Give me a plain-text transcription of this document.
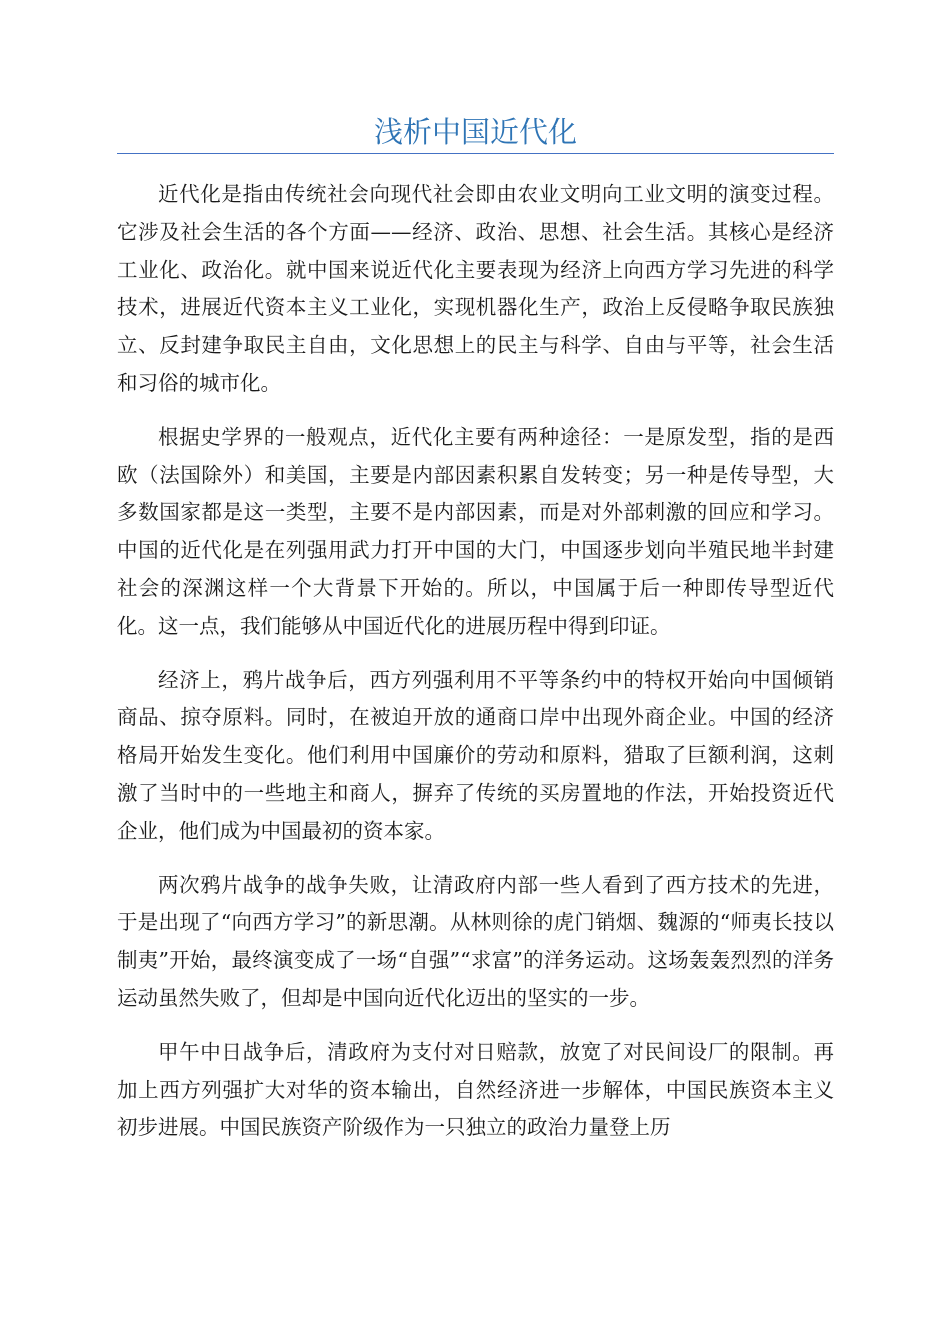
浅析中国近代化

近代化是指由传统社会向现代社会即由农业文明向工业文明的演变过程。它涉及社会生活的各个方面——经济、政治、思想、社会生活。其核心是经济工业化、政治化。就中国来说近代化主要表现为经济上向西方学习先进的科学技术，进展近代资本主义工业化，实现机器化生产，政治上反侵略争取民族独立、反封建争取民主自由，文化思想上的民主与科学、自由与平等，社会生活和习俗的城市化。

根据史学界的一般观点，近代化主要有两种途径：一是原发型，指的是西欧（法国除外）和美国，主要是内部因素积累自发转变；另一种是传导型，大多数国家都是这一类型，主要不是内部因素，而是对外部刺激的回应和学习。中国的近代化是在列强用武力打开中国的大门，中国逐步划向半殖民地半封建社会的深渊这样一个大背景下开始的。所以，中国属于后一种即传导型近代化。这一点，我们能够从中国近代化的进展历程中得到印证。

经济上，鸦片战争后，西方列强利用不平等条约中的特权开始向中国倾销商品、掠夺原料。同时，在被迫开放的通商口岸中出现外商企业。中国的经济格局开始发生变化。他们利用中国廉价的劳动和原料，猎取了巨额利润，这刺激了当时中的一些地主和商人，摒弃了传统的买房置地的作法，开始投资近代企业，他们成为中国最初的资本家。

两次鸦片战争的战争失败，让清政府内部一些人看到了西方技术的先进，于是出现了“向西方学习”的新思潮。从林则徐的虎门销烟、魏源的“师夷长技以制夷”开始，最终演变成了一场“自强”“求富”的洋务运动。这场轰轰烈烈的洋务运动虽然失败了，但却是中国向近代化迈出的坚实的一步。

甲午中日战争后，清政府为支付对日赔款，放宽了对民间设厂的限制。再加上西方列强扩大对华的资本输出，自然经济进一步解体，中国民族资本主义初步进展。中国民族资产阶级作为一只独立的政治力量登上历
